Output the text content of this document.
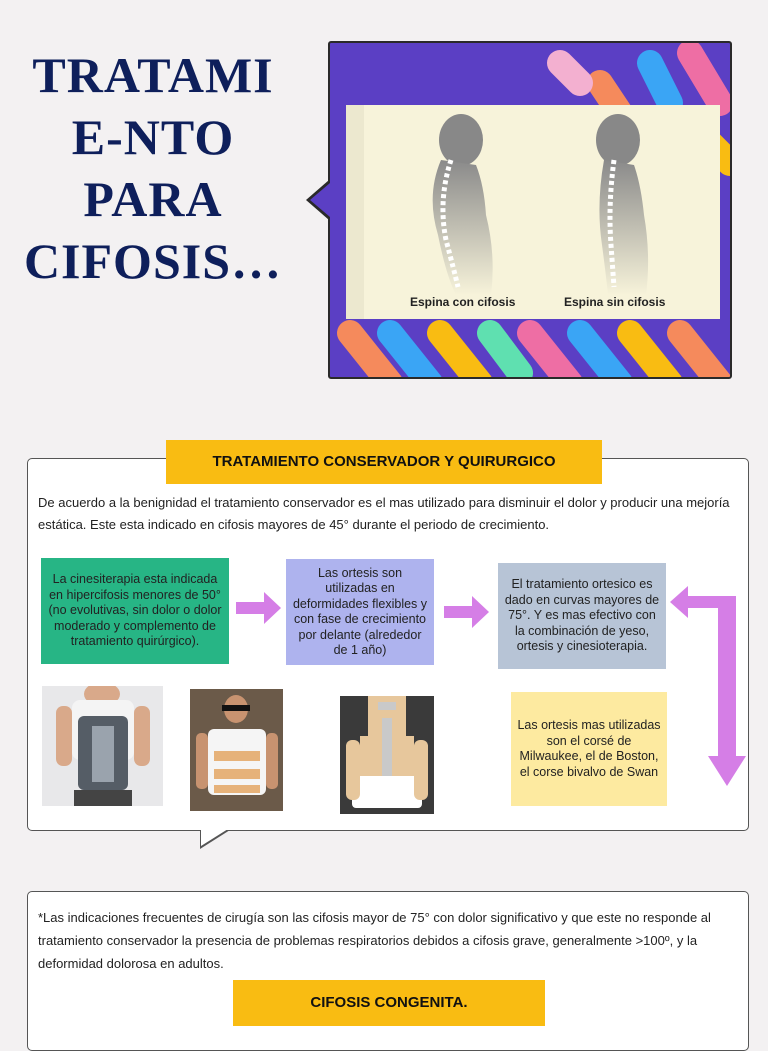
TRATAMI
E-NTO
PARA
CIFOSIS…
Espina con cifosis	Espina sin cifosis
TRATAMIENTO CONSERVADOR Y QUIRURGICO

De acuerdo a la benignidad el tratamiento conservador es el mas utilizado para disminuir el dolor y producir una mejoría estática. Este esta indicado en cifosis mayores de 45° durante el periodo de crecimiento.

La cinesiterapia esta indicada en hipercifosis menores de 50° (no evolutivas, sin dolor o dolor moderado y complemento de tratamiento quirúrgico).
Las ortesis son utilizadas en deformidades flexibles y con fase de crecimiento por delante (alrededor de 1 año)
El tratamiento ortesico es dado en curvas mayores de 75°. Y es mas efectivo con la combinación de yeso, ortesis y cinesioterapia.
Las ortesis mas utilizadas son el corsé de Milwaukee, el de Boston, el corse bivalvo de Swan

*Las indicaciones frecuentes de cirugía son las cifosis mayor de 75° con dolor significativo y que este no responde al tratamiento conservador la presencia de problemas respiratorios debidos a cifosis grave, generalmente >100º, y la deformidad dolorosa en adultos.

CIFOSIS CONGENITA.
